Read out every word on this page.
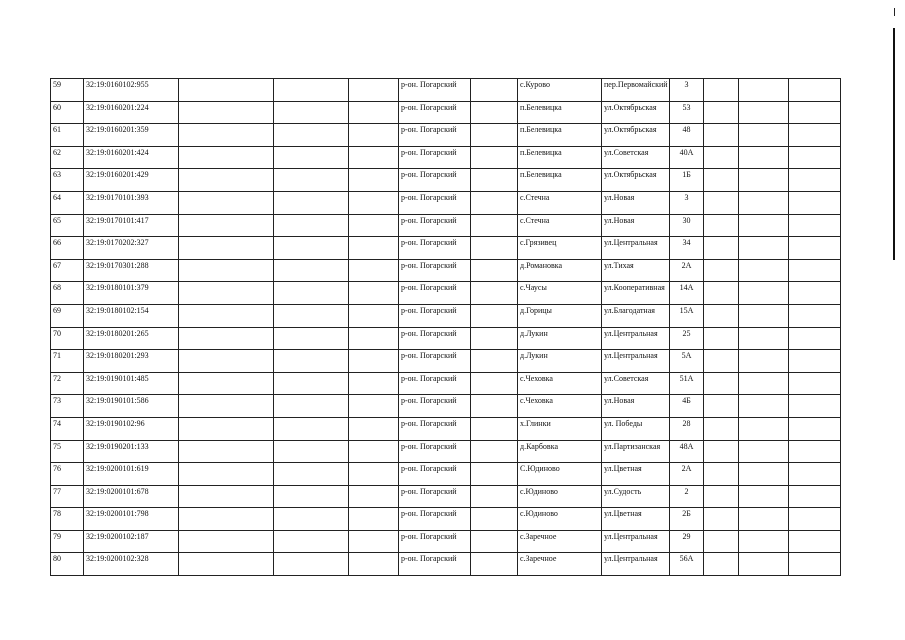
59	32:19:0160102:955				р-он. Погарский		с.Курово	пер.Первомайский	3			
60	32:19:0160201:224				р-он. Погарский		п.Белевицка	ул.Октябрьская	53			
61	32:19:0160201:359				р-он. Погарский		п.Белевицка	ул.Октябрьская	48			
62	32:19:0160201:424				р-он. Погарский		п.Белевицка	ул.Советская	40А			
63	32:19:0160201:429				р-он. Погарский		п.Белевицка	ул.Октябрьская	1Б			
64	32:19:0170101:393				р-он. Погарский		с.Стечна	ул.Новая	3			
65	32:19:0170101:417				р-он. Погарский		с.Стечна	ул.Новая	30			
66	32:19:0170202:327				р-он. Погарский		с.Грязивец	ул.Центральная	34			
67	32:19:0170301:288				р-он. Погарский		д.Романовка	ул.Тихая	2А			
68	32:19:0180101:379				р-он. Погарский		с.Чаусы	ул.Кооперативная	14А			
69	32:19:0180102:154				р-он. Погарский		д.Горицы	ул.Благодатная	15А			
70	32:19:0180201:265				р-он. Погарский		д.Лукин	ул.Центральная	25			
71	32:19:0180201:293				р-он. Погарский		д.Лукин	ул.Центральная	5А			
72	32:19:0190101:485				р-он. Погарский		с.Чеховка	ул.Советская	51А			
73	32:19:0190101:586				р-он. Погарский		с.Чеховка	ул.Новая	4Б			
74	32:19:0190102:96				р-он. Погарский		х.Глинки	ул. Победы	28			
75	32:19:0190201:133				р-он. Погарский		д.Карбовка	ул.Партизанская	48А			
76	32:19:0200101:619				р-он. Погарский		С.Юдиново	ул.Цветная	2А			
77	32:19:0200101:678				р-он. Погарский		с.Юдиново	ул.Судость	2			
78	32:19:0200101:798				р-он. Погарский		с.Юдиново	ул.Цветная	2Б			
79	32:19:0200102:187				р-он. Погарский		с.Заречное	ул.Центральная	29			
80	32:19:0200102:328				р-он. Погарский		с.Заречное	ул.Центральная	56А			
